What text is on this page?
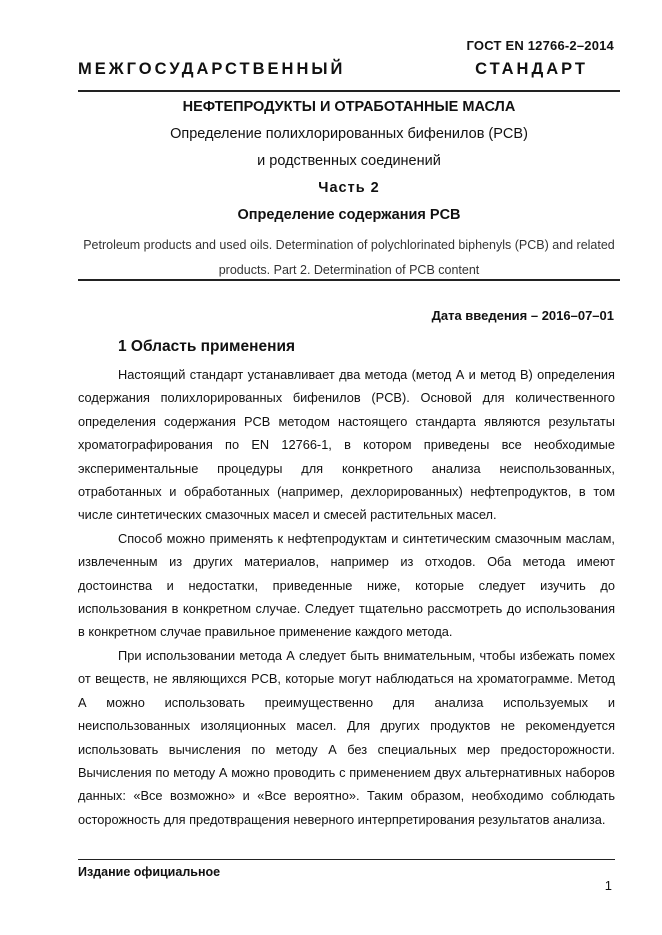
ГОСТ EN 12766-2–2014
МЕЖГОСУДАРСТВЕННЫЙ СТАНДАРТ
НЕФТЕПРОДУКТЫ И ОТРАБОТАННЫЕ МАСЛА
Определение полихлорированных бифенилов (PCB)
и родственных соединений
Часть 2
Определение содержания PCB
Petroleum products and used oils. Determination of polychlorinated biphenyls (PCB) and related products. Part 2. Determination of PCB content
Дата введения – 2016–07–01
1 Область применения

Настоящий стандарт устанавливает два метода (метод А и метод В) определения содержания полихлорированных бифенилов (PCB). Основой для количественного определения содержания PCB методом настоящего стандарта являются результаты хроматографирования по EN 12766-1, в котором приведены все необходимые экспериментальные процедуры для конкретного анализа неиспользованных, отработанных и обработанных (например, дехлорированных) нефтепродуктов, в том числе синтетических смазочных масел и смесей растительных масел.

Способ можно применять к нефтепродуктам и синтетическим смазочным маслам, извлеченным из других материалов, например из отходов. Оба метода имеют достоинства и недостатки, приведенные ниже, которые следует изучить до использования в конкретном случае. Следует тщательно рассмотреть до использования в конкретном случае правильное применение каждого метода.

При использовании метода А следует быть внимательным, чтобы избежать помех от веществ, не являющихся PCB, которые могут наблюдаться на хроматограмме. Метод А можно использовать преимущественно для анализа используемых и неиспользованных изоляционных масел. Для других продуктов не рекомендуется использовать вычисления по методу А без специальных мер предосторожности. Вычисления по методу А можно проводить с применением двух альтернативных наборов данных: «Все возможно» и «Все вероятно». Таким образом, необходимо соблюдать осторожность для предотвращения неверного интерпретирования результатов анализа.

Издание официальное
1
